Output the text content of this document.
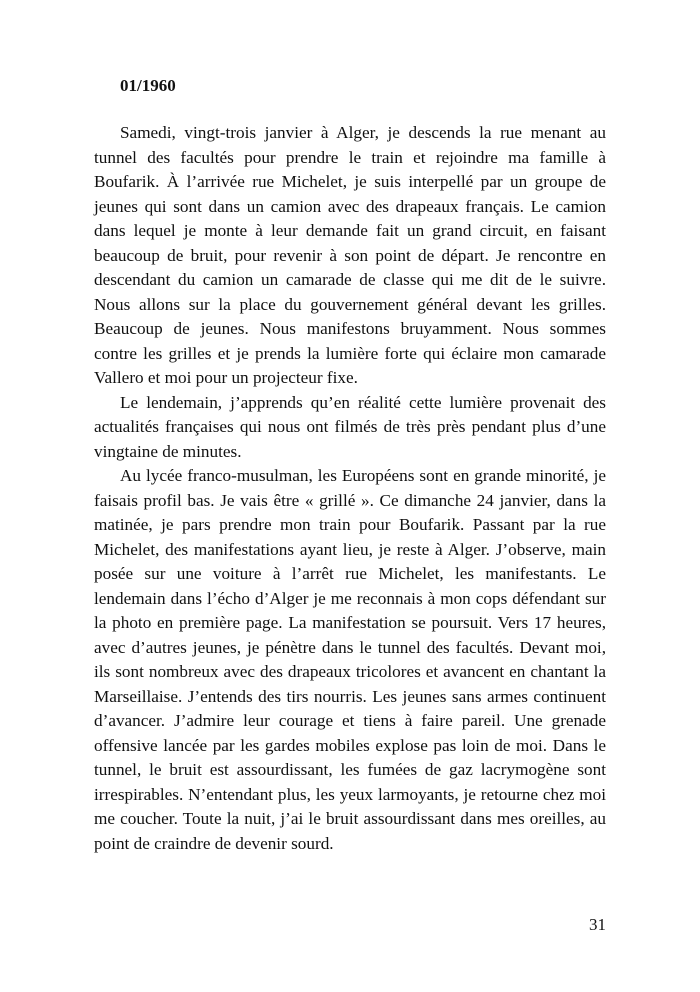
01/1960

Samedi, vingt-trois janvier à Alger, je descends la rue menant au tunnel des facultés pour prendre le train et rejoindre ma famille à Boufarik. À l’arrivée rue Michelet, je suis interpellé par un groupe de jeunes qui sont dans un camion avec des drapeaux français. Le camion dans lequel je monte à leur demande fait un grand circuit, en faisant beaucoup de bruit, pour revenir à son point de départ. Je rencontre en descendant du camion un camarade de classe qui me dit de le suivre. Nous allons sur la place du gouvernement général devant les grilles. Beaucoup de jeunes. Nous manifestons bruyamment. Nous sommes contre les grilles et je prends la lumière forte qui éclaire mon camarade Vallero et moi pour un projecteur fixe.

Le lendemain, j’apprends qu’en réalité cette lumière provenait des actualités françaises qui nous ont filmés de très près pendant plus d’une vingtaine de minutes.

Au lycée franco-musulman, les Européens sont en grande minorité, je faisais profil bas. Je vais être « grillé ». Ce dimanche 24 janvier, dans la matinée, je pars prendre mon train pour Boufarik. Passant par la rue Michelet, des manifestations ayant lieu, je reste à Alger. J’observe, main posée sur une voiture à l’arrêt rue Michelet, les manifestants. Le lendemain dans l’écho d’Alger je me reconnais à mon cops défendant sur la photo en première page. La manifestation se poursuit. Vers 17 heures, avec d’autres jeunes, je pénètre dans le tunnel des facultés. Devant moi, ils sont nombreux avec des drapeaux tricolores et avancent en chantant la Marseillaise. J’entends des tirs nourris. Les jeunes sans armes continuent d’avancer. J’admire leur courage et tiens à faire pareil. Une grenade offensive lancée par les gardes mobiles explose pas loin de moi. Dans le tunnel, le bruit est assourdissant, les fumées de gaz lacrymogène sont irrespirables. N’entendant plus, les yeux larmoyants, je retourne chez moi me coucher. Toute la nuit, j’ai le bruit assourdissant dans mes oreilles, au point de craindre de devenir sourd.

31
